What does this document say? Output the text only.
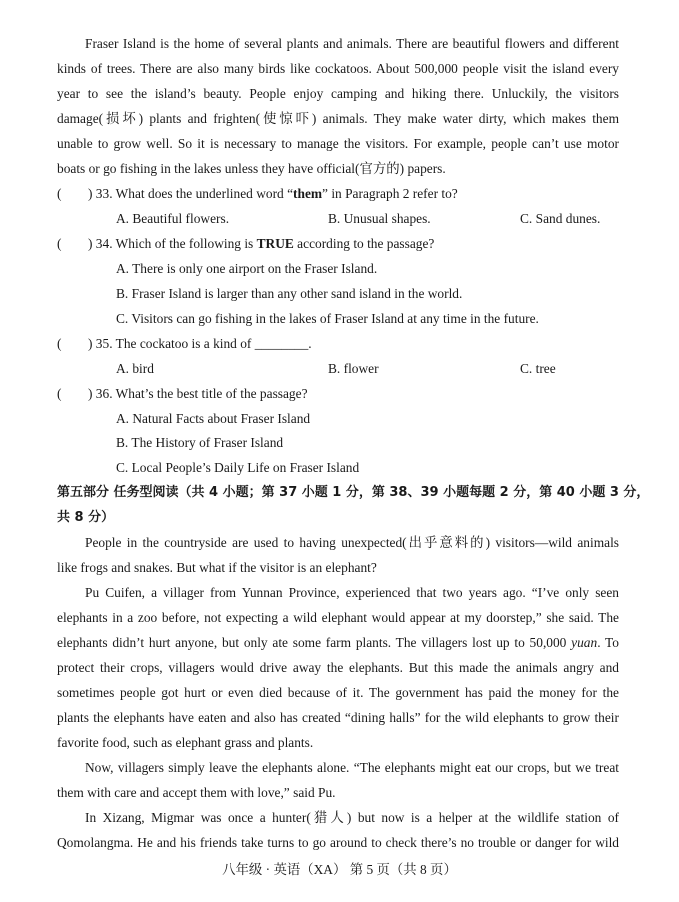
Fraser Island is the home of several plants and animals. There are beautiful flowers and different
kinds of trees. There are also many birds like cockatoos. About 500,000 people visit the island every
year to see the island’s beauty. People enjoy camping and hiking there. Unluckily, the visitors
damage(损坏) plants and frighten(使惊吓) animals. They make water dirty, which makes them
unable to grow well. So it is necessary to manage the visitors. For example, people can’t use motor
boats or go fishing in the lakes unless they have official(官方的) papers.
( ) 33. What does the underlined word “them” in Paragraph 2 refer to?
A. Beautiful flowers.	B. Unusual shapes.	C. Sand dunes.
( ) 34. Which of the following is TRUE according to the passage?
A. There is only one airport on the Fraser Island.
B. Fraser Island is larger than any other sand island in the world.
C. Visitors can go fishing in the lakes of Fraser Island at any time in the future.
( ) 35. The cockatoo is a kind of ________.
A. bird	B. flower	C. tree
( ) 36. What’s the best title of the passage?
A. Natural Facts about Fraser Island
B. The History of Fraser Island
C. Local People’s Daily Life on Fraser Island
第五部分 任务型阅读（共 4 小题；第 37 小题 1 分，第 38、39 小题每题 2 分，第 40 小题 3 分，
共 8 分）
People in the countryside are used to having unexpected(出乎意料的) visitors—wild animals
like frogs and snakes. But what if the visitor is an elephant?
Pu Cuifen, a villager from Yunnan Province, experienced that two years ago. “I’ve only seen
elephants in a zoo before, not expecting a wild elephant would appear at my doorstep,” she said. The
elephants didn’t hurt anyone, but only ate some farm plants. The villagers lost up to 50,000 yuan. To
protect their crops, villagers would drive away the elephants. But this made the animals angry and
sometimes people got hurt or even died because of it. The government has paid the money for the
plants the elephants have eaten and also has created “dining halls” for the wild elephants to grow their
favorite food, such as elephant grass and plants.
Now, villagers simply leave the elephants alone. “The elephants might eat our crops, but we treat
them with care and accept them with love,” said Pu.
In Xizang, Migmar was once a hunter(猎人) but now is a helper at the wildlife station of
Qomolangma. He and his friends take turns to go around to check there’s no trouble or danger for wild
八年级 · 英语（XA） 第 5 页（共 8 页）
